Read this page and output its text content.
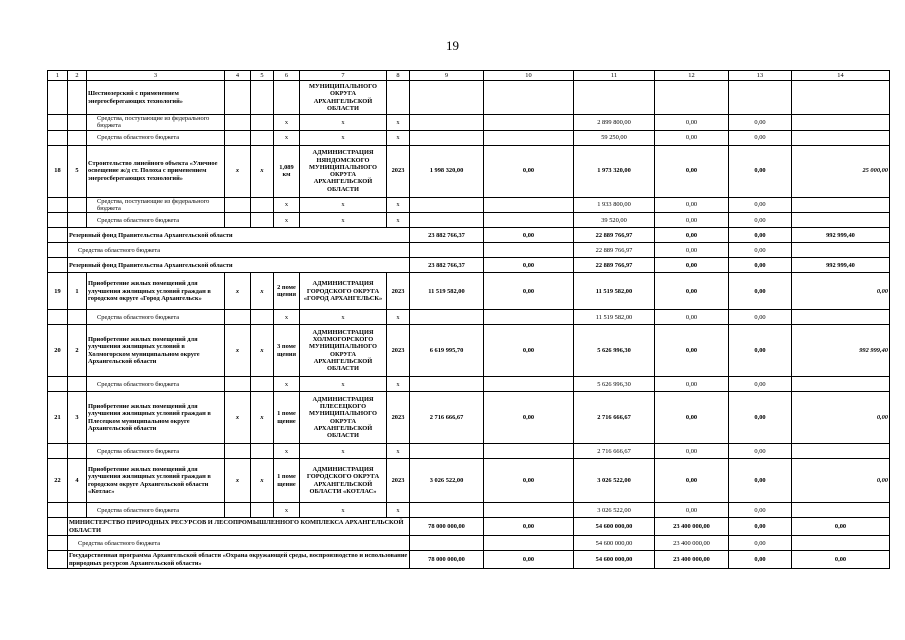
19
1	2	3	4	5	6	7	8	9	10	11	12	13	14
		Шестиозерский с применением энергосберегающих технологий»				МУНИЦИПАЛЬНОГО ОКРУГА АРХАНГЕЛЬСКОЙ ОБЛАСТИ							
		Средства, поступающие из федерального бюджета			х	х	х			2 899 800,00	0,00	0,00	
		Средства областного бюджета			х	х	х			59 250,00	0,00	0,00	
18	5	Строительство линейного объекта «Уличное освещение ж/д ст. Полоха с применением энергосберегающих технологий»	х	х	1,089 км	АДМИНИСТРАЦИЯ НЯНДОМСКОГО МУНИЦИПАЛЬНОГО ОКРУГА АРХАНГЕЛЬСКОЙ ОБЛАСТИ	2023	1 998 320,00	0,00	1 973 320,00	0,00	0,00	25 000,00
		Средства, поступающие из федерального бюджета			х	х	х			1 933 800,00	0,00	0,00	
		Средства областного бюджета			х	х	х			39 520,00	0,00	0,00	
	Резервный фонд Правительства Архангельской области							23 882 766,37	0,00	22 889 766,97	0,00	0,00	992 999,40
	Средства областного бюджета									22 889 766,97	0,00	0,00	
	Резервный фонд Правительства Архангельской области							23 882 766,37	0,00	22 889 766,97	0,00	0,00	992 999,40
19	1	Приобретение жилых помещений для улучшения жилищных условий граждан в городском округе «Город Архангельск»	х	х	2 поме щения	АДМИНИСТРАЦИЯ ГОРОДСКОГО ОКРУГА «ГОРОД АРХАНГЕЛЬСК»	2023	11 519 582,00	0,00	11 519 582,00	0,00	0,00	0,00
		Средства областного бюджета			х	х	х			11 519 582,00	0,00	0,00	
20	2	Приобретение жилых помещений для улучшения жилищных условий в Холмогорском муниципальном округе Архангельской области	х	х	3 поме щения	АДМИНИСТРАЦИЯ ХОЛМОГОРСКОГО МУНИЦИПАЛЬНОГО ОКРУГА АРХАНГЕЛЬСКОЙ ОБЛАСТИ	2023	6 619 995,70	0,00	5 626 996,30	0,00	0,00	992 999,40
		Средства областного бюджета			х	х	х			5 626 996,30	0,00	0,00	
21	3	Приобретение жилых помещений для улучшения жилищных условий граждан в Плесецком муниципальном округе Архангельской области	х	х	1 поме щение	АДМИНИСТРАЦИЯ ПЛЕСЕЦКОГО МУНИЦИПАЛЬНОГО ОКРУГА АРХАНГЕЛЬСКОЙ ОБЛАСТИ	2023	2 716 666,67	0,00	2 716 666,67	0,00	0,00	0,00
		Средства областного бюджета			х	х	х			2 716 666,67	0,00	0,00	
22	4	Приобретение жилых помещений для улучшения жилищных условий граждан в городском округе Архангельской области «Котлас»	х	х	1 поме щение	АДМИНИСТРАЦИЯ ГОРОДСКОГО ОКРУГА АРХАНГЕЛЬСКОЙ ОБЛАСТИ «КОТЛАС»	2023	3 026 522,00	0,00	3 026 522,00	0,00	0,00	0,00
		Средства областного бюджета			х	х	х			3 026 522,00	0,00	0,00	
	МИНИСТЕРСТВО ПРИРОДНЫХ РЕСУРСОВ И ЛЕСОПРОМЫШЛЕННОГО КОМПЛЕКСА АРХАНГЕЛЬСКОЙ ОБЛАСТИ							78 000 000,00	0,00	54 600 000,00	23 400 000,00	0,00	0,00
	Средства областного бюджета									54 600 000,00	23 400 000,00	0,00	
	Государственная программа Архангельской области «Охрана окружающей среды, воспроизводство и использование природных ресурсов Архангельской области»							78 000 000,00	0,00	54 600 000,00	23 400 000,00	0,00	0,00
